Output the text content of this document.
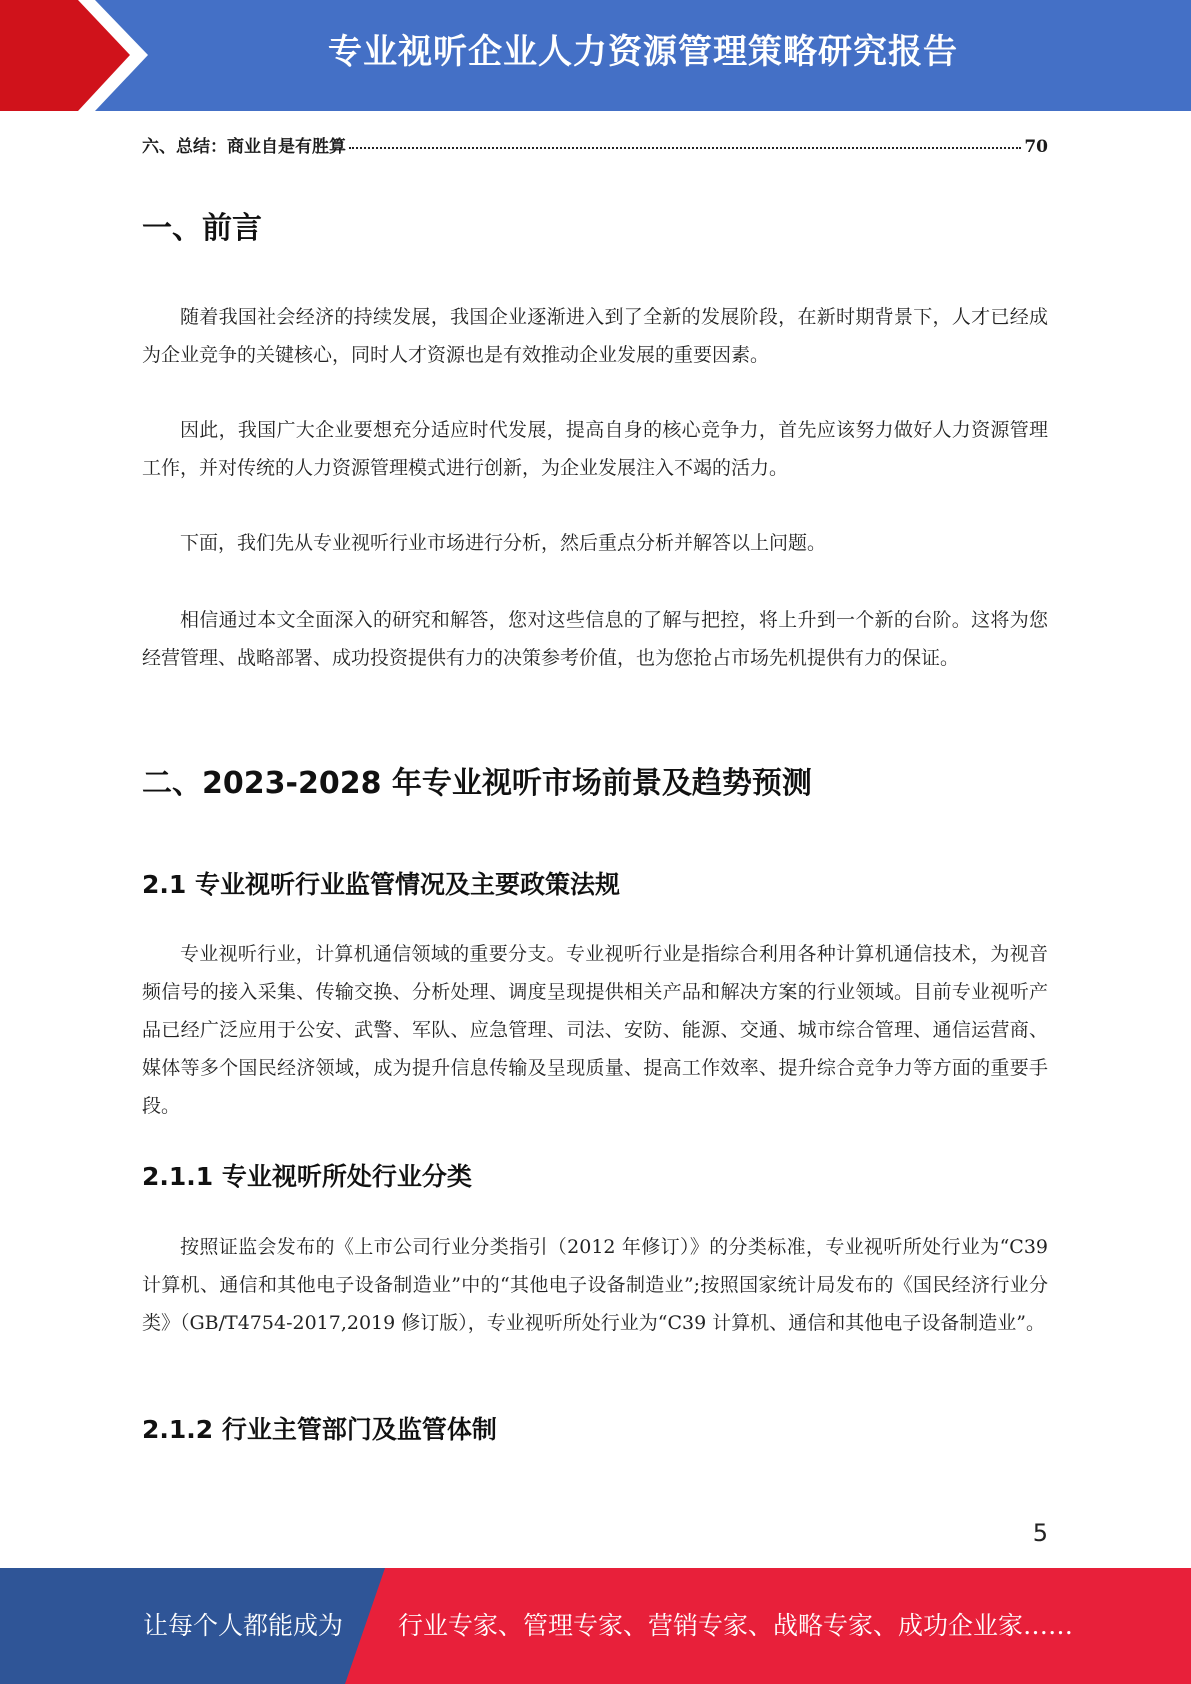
专业视听企业人力资源管理策略研究报告
六、总结：商业自是有胜算	70
一、前言

随着我国社会经济的持续发展，我国企业逐渐进入到了全新的发展阶段，在新时期背景下，人才已经成为企业竞争的关键核心，同时人才资源也是有效推动企业发展的重要因素。

因此，我国广大企业要想充分适应时代发展，提高自身的核心竞争力，首先应该努力做好人力资源管理工作，并对传统的人力资源管理模式进行创新，为企业发展注入不竭的活力。

下面，我们先从专业视听行业市场进行分析，然后重点分析并解答以上问题。

相信通过本文全面深入的研究和解答，您对这些信息的了解与把控，将上升到一个新的台阶。这将为您经营管理、战略部署、成功投资提供有力的决策参考价值，也为您抢占市场先机提供有力的保证。

二、2023-2028 年专业视听市场前景及趋势预测
2.1 专业视听行业监管情况及主要政策法规

专业视听行业，计算机通信领域的重要分支。专业视听行业是指综合利用各种计算机通信技术，为视音频信号的接入采集、传输交换、分析处理、调度呈现提供相关产品和解决方案的行业领域。目前专业视听产品已经广泛应用于公安、武警、军队、应急管理、司法、安防、能源、交通、城市综合管理、通信运营商、媒体等多个国民经济领域，成为提升信息传输及呈现质量、提高工作效率、提升综合竞争力等方面的重要手段。

2.1.1 专业视听所处行业分类

按照证监会发布的《上市公司行业分类指引（2012 年修订）》的分类标准，专业视听所处行业为“C39 计算机、通信和其他电子设备制造业”中的“其他电子设备制造业”;按照国家统计局发布的《国民经济行业分类》（GB/T4754-2017,2019 修订版），专业视听所处行业为“C39 计算机、通信和其他电子设备制造业”。

2.1.2 行业主管部门及监管体制
5
让每个人都能成为 行业专家、管理专家、营销专家、战略专家、成功企业家……
